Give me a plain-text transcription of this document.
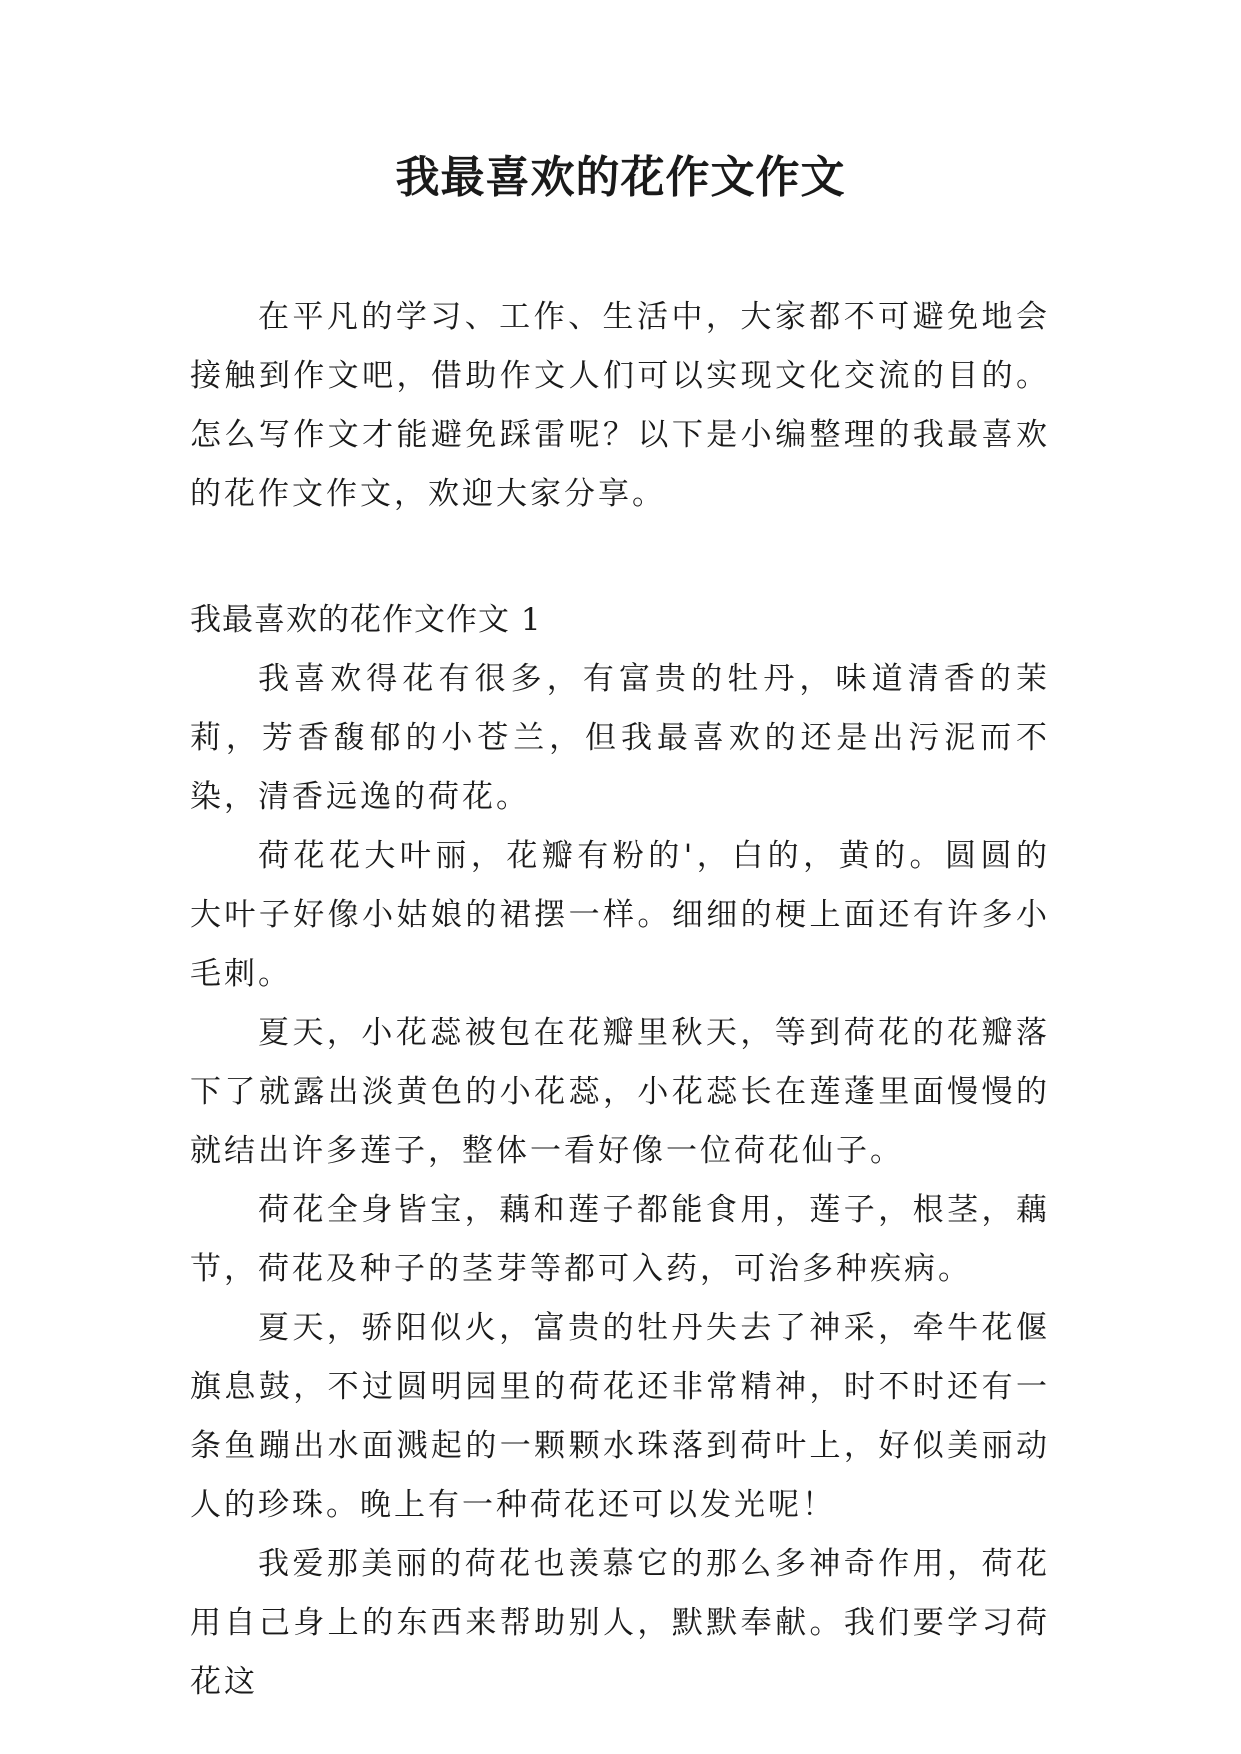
我最喜欢的花作文作文

在平凡的学习、工作、生活中，大家都不可避免地会接触到作文吧，借助作文人们可以实现文化交流的目的。怎么写作文才能避免踩雷呢？以下是小编整理的我最喜欢的花作文作文，欢迎大家分享。

我最喜欢的花作文作文 1

我喜欢得花有很多，有富贵的牡丹，味道清香的茉莉，芳香馥郁的小苍兰，但我最喜欢的还是出污泥而不染，清香远逸的荷花。

荷花花大叶丽，花瓣有粉的'，白的，黄的。圆圆的大叶子好像小姑娘的裙摆一样。细细的梗上面还有许多小毛刺。

夏天，小花蕊被包在花瓣里秋天，等到荷花的花瓣落下了就露出淡黄色的小花蕊，小花蕊长在莲蓬里面慢慢的就结出许多莲子，整体一看好像一位荷花仙子。

荷花全身皆宝，藕和莲子都能食用，莲子，根茎，藕节，荷花及种子的茎芽等都可入药，可治多种疾病。

夏天，骄阳似火，富贵的牡丹失去了神采，牵牛花偃旗息鼓，不过圆明园里的荷花还非常精神，时不时还有一条鱼蹦出水面溅起的一颗颗水珠落到荷叶上，好似美丽动人的珍珠。晚上有一种荷花还可以发光呢！

我爱那美丽的荷花也羡慕它的那么多神奇作用，荷花用自己身上的东西来帮助别人，默默奉献。我们要学习荷花这
